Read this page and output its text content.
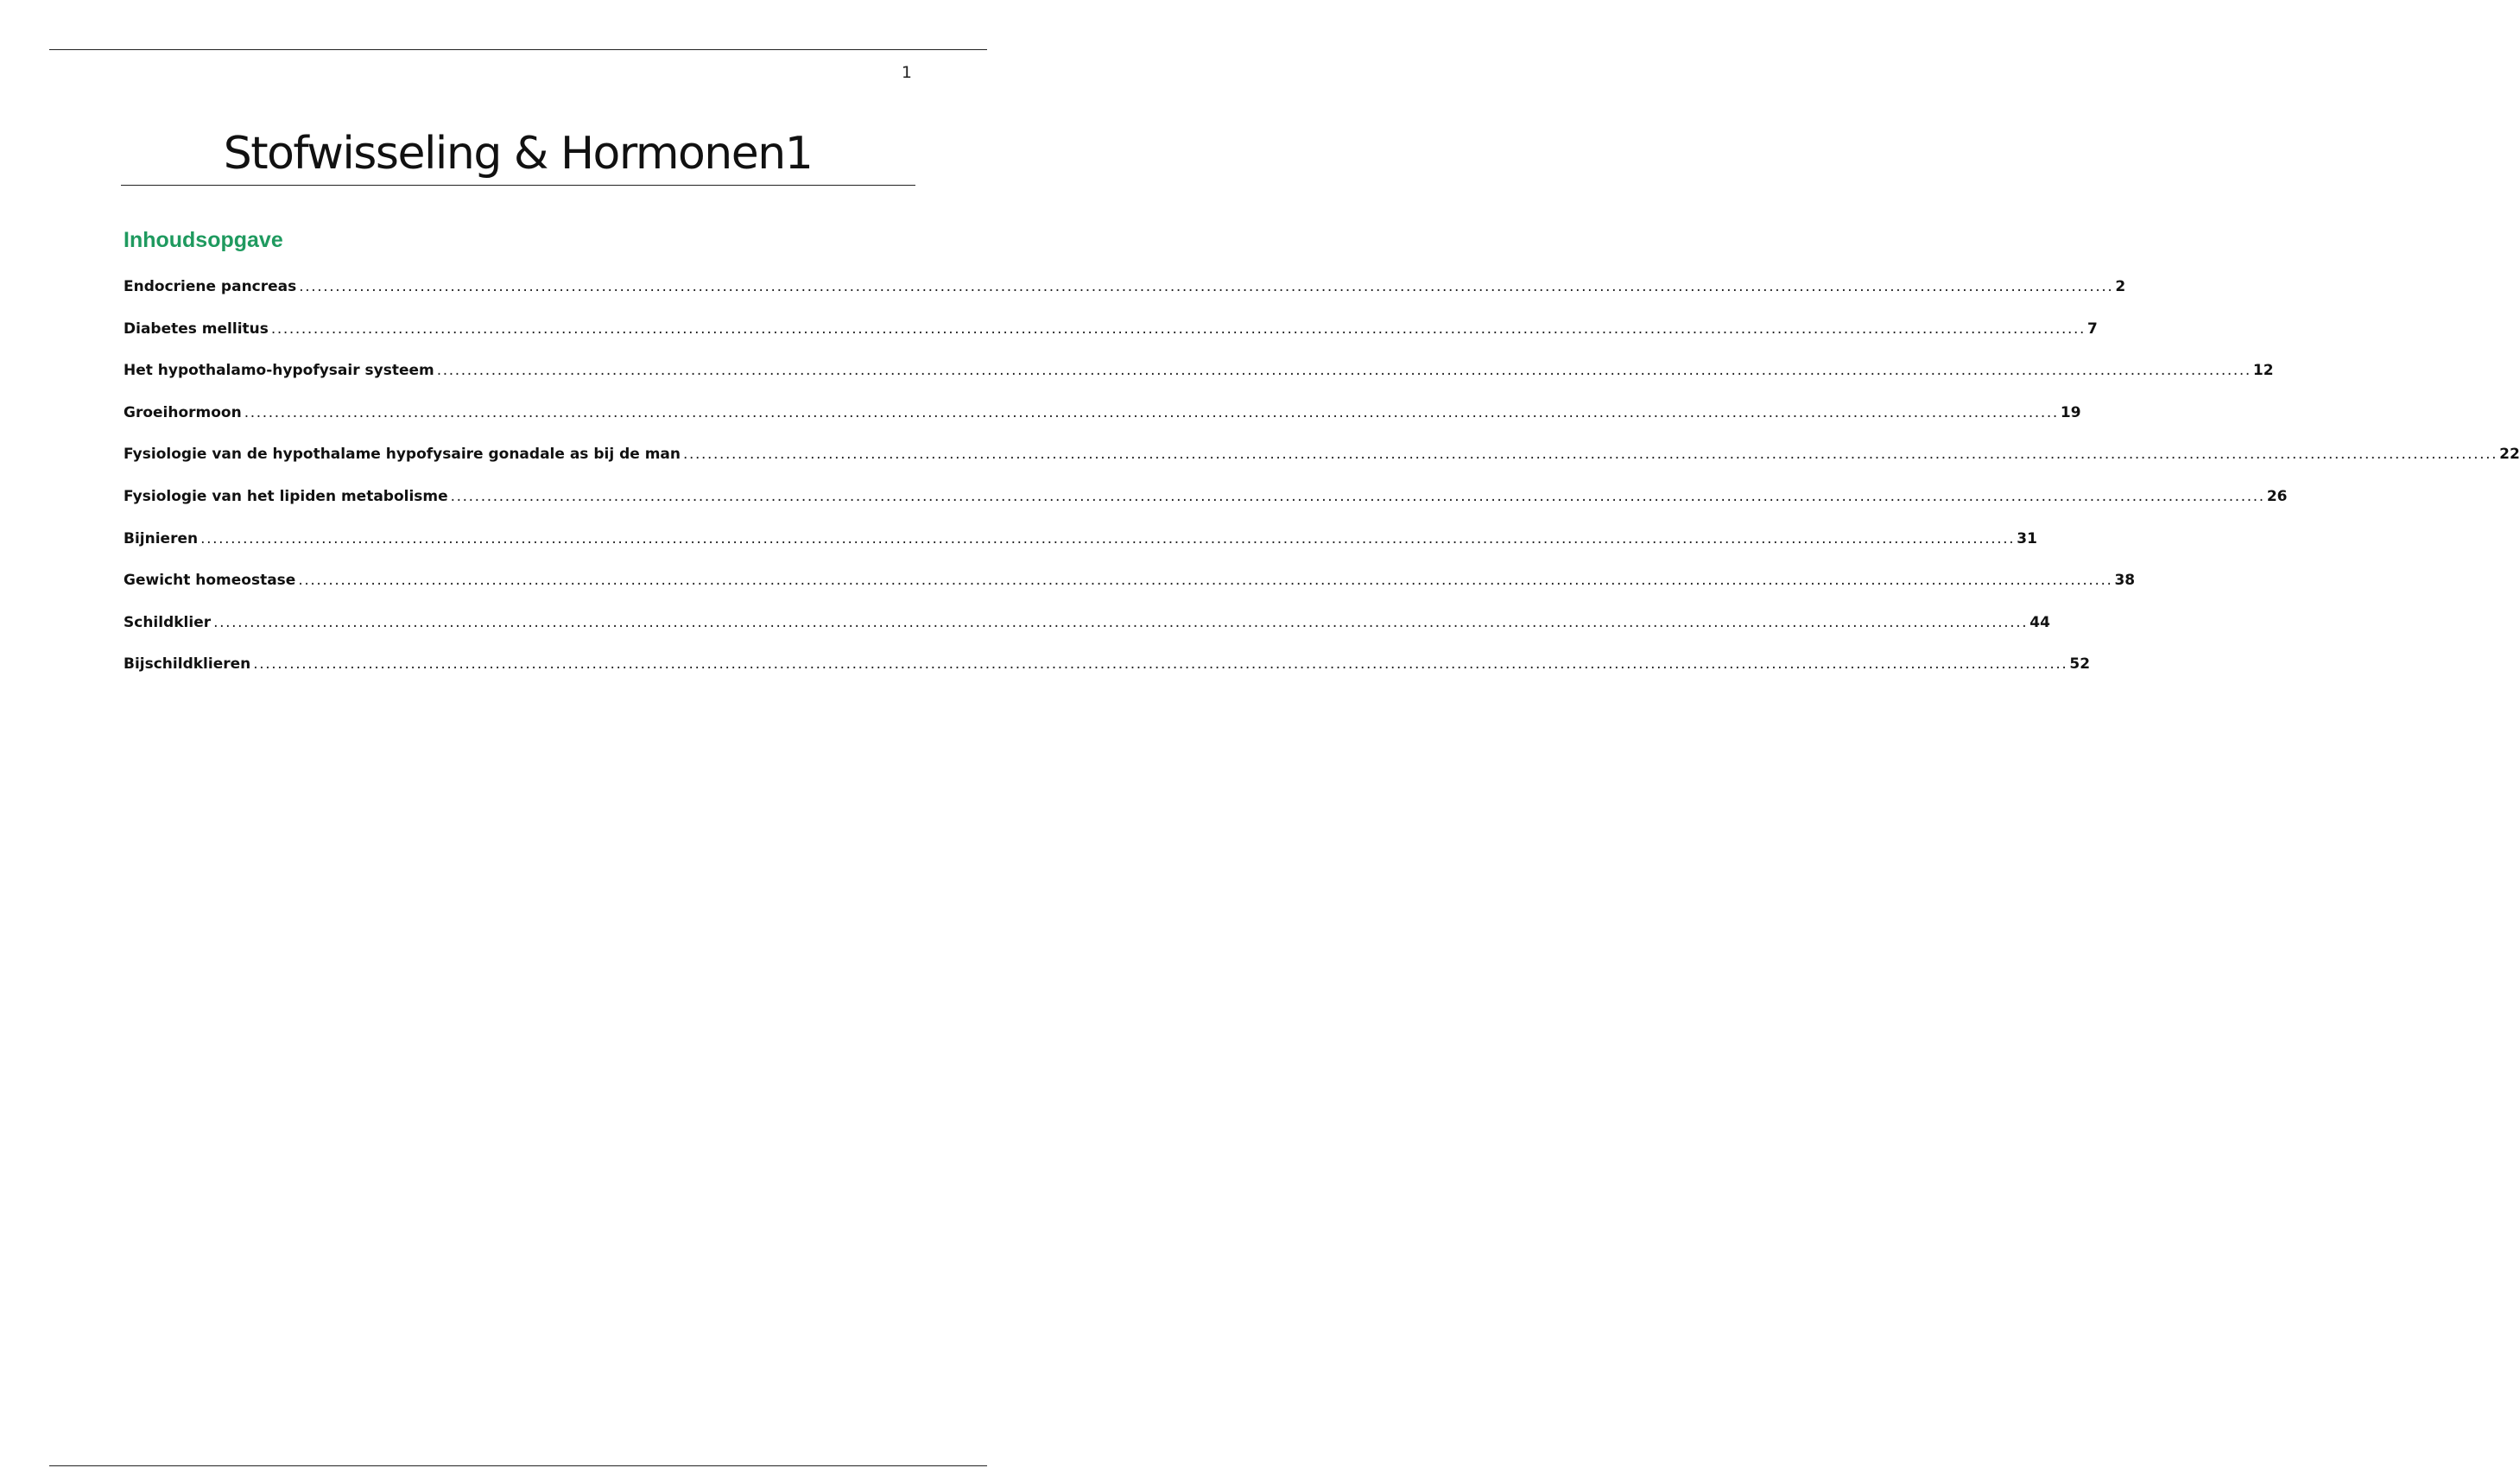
1
Stofwisseling & Hormonen1
Inhoudsopgave
Endocriene pancreas ............................................................................................................................................................................................................................................................................................................ 2
Diabetes mellitus ............................................................................................................................................................................................................................................................................................................ 7
Het hypothalamo-hypofysair systeem ............................................................................................................................................................................................................................................................................................................ 12
Groeihormoon ............................................................................................................................................................................................................................................................................................................ 19
Fysiologie van de hypothalame hypofysaire gonadale as bij de man ............................................................................................................................................................................................................................................................................................................ 22
Fysiologie van het lipiden metabolisme ............................................................................................................................................................................................................................................................................................................ 26
Bijnieren ............................................................................................................................................................................................................................................................................................................ 31
Gewicht homeostase ............................................................................................................................................................................................................................................................................................................ 38
Schildklier ............................................................................................................................................................................................................................................................................................................ 44
Bijschildklieren ............................................................................................................................................................................................................................................................................................................ 52
